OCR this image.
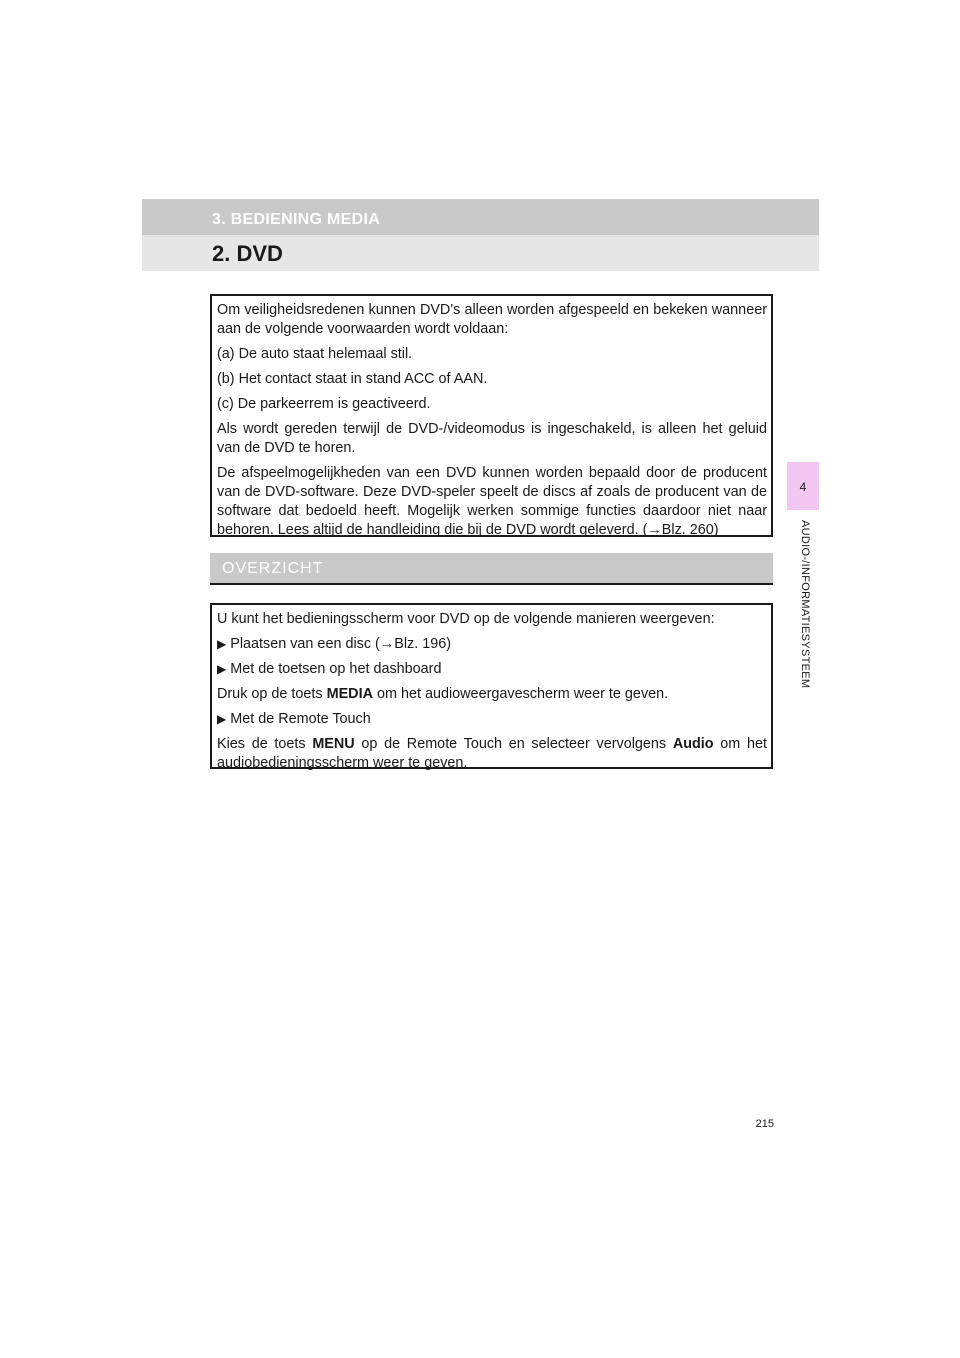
3. BEDIENING MEDIA
2. DVD
4
AUDIO-/INFORMATIESYSTEEM

Om veiligheidsredenen kunnen DVD's alleen worden afgespeeld en bekeken wanneer aan de volgende voorwaarden wordt voldaan:

(a) De auto staat helemaal stil.

(b) Het contact staat in stand ACC of AAN.

(c) De parkeerrem is geactiveerd.

Als wordt gereden terwijl de DVD-/videomodus is ingeschakeld, is alleen het geluid van de DVD te horen.

De afspeelmogelijkheden van een DVD kunnen worden bepaald door de producent van de DVD-software. Deze DVD-speler speelt de discs af zoals de producent van de software dat bedoeld heeft. Mogelijk werken sommige functies daardoor niet naar behoren. Lees altijd de handleiding die bij de DVD wordt geleverd. (→Blz. 260)

OVERZICHT

U kunt het bedieningsscherm voor DVD op de volgende manieren weergeven:

▶ Plaatsen van een disc (→Blz. 196)

▶ Met de toetsen op het dashboard

Druk op de toets MEDIA om het audioweergavescherm weer te geven.

▶ Met de Remote Touch

Kies de toets MENU op de Remote Touch en selecteer vervolgens Audio om het audiobedieningsscherm weer te geven.

215
